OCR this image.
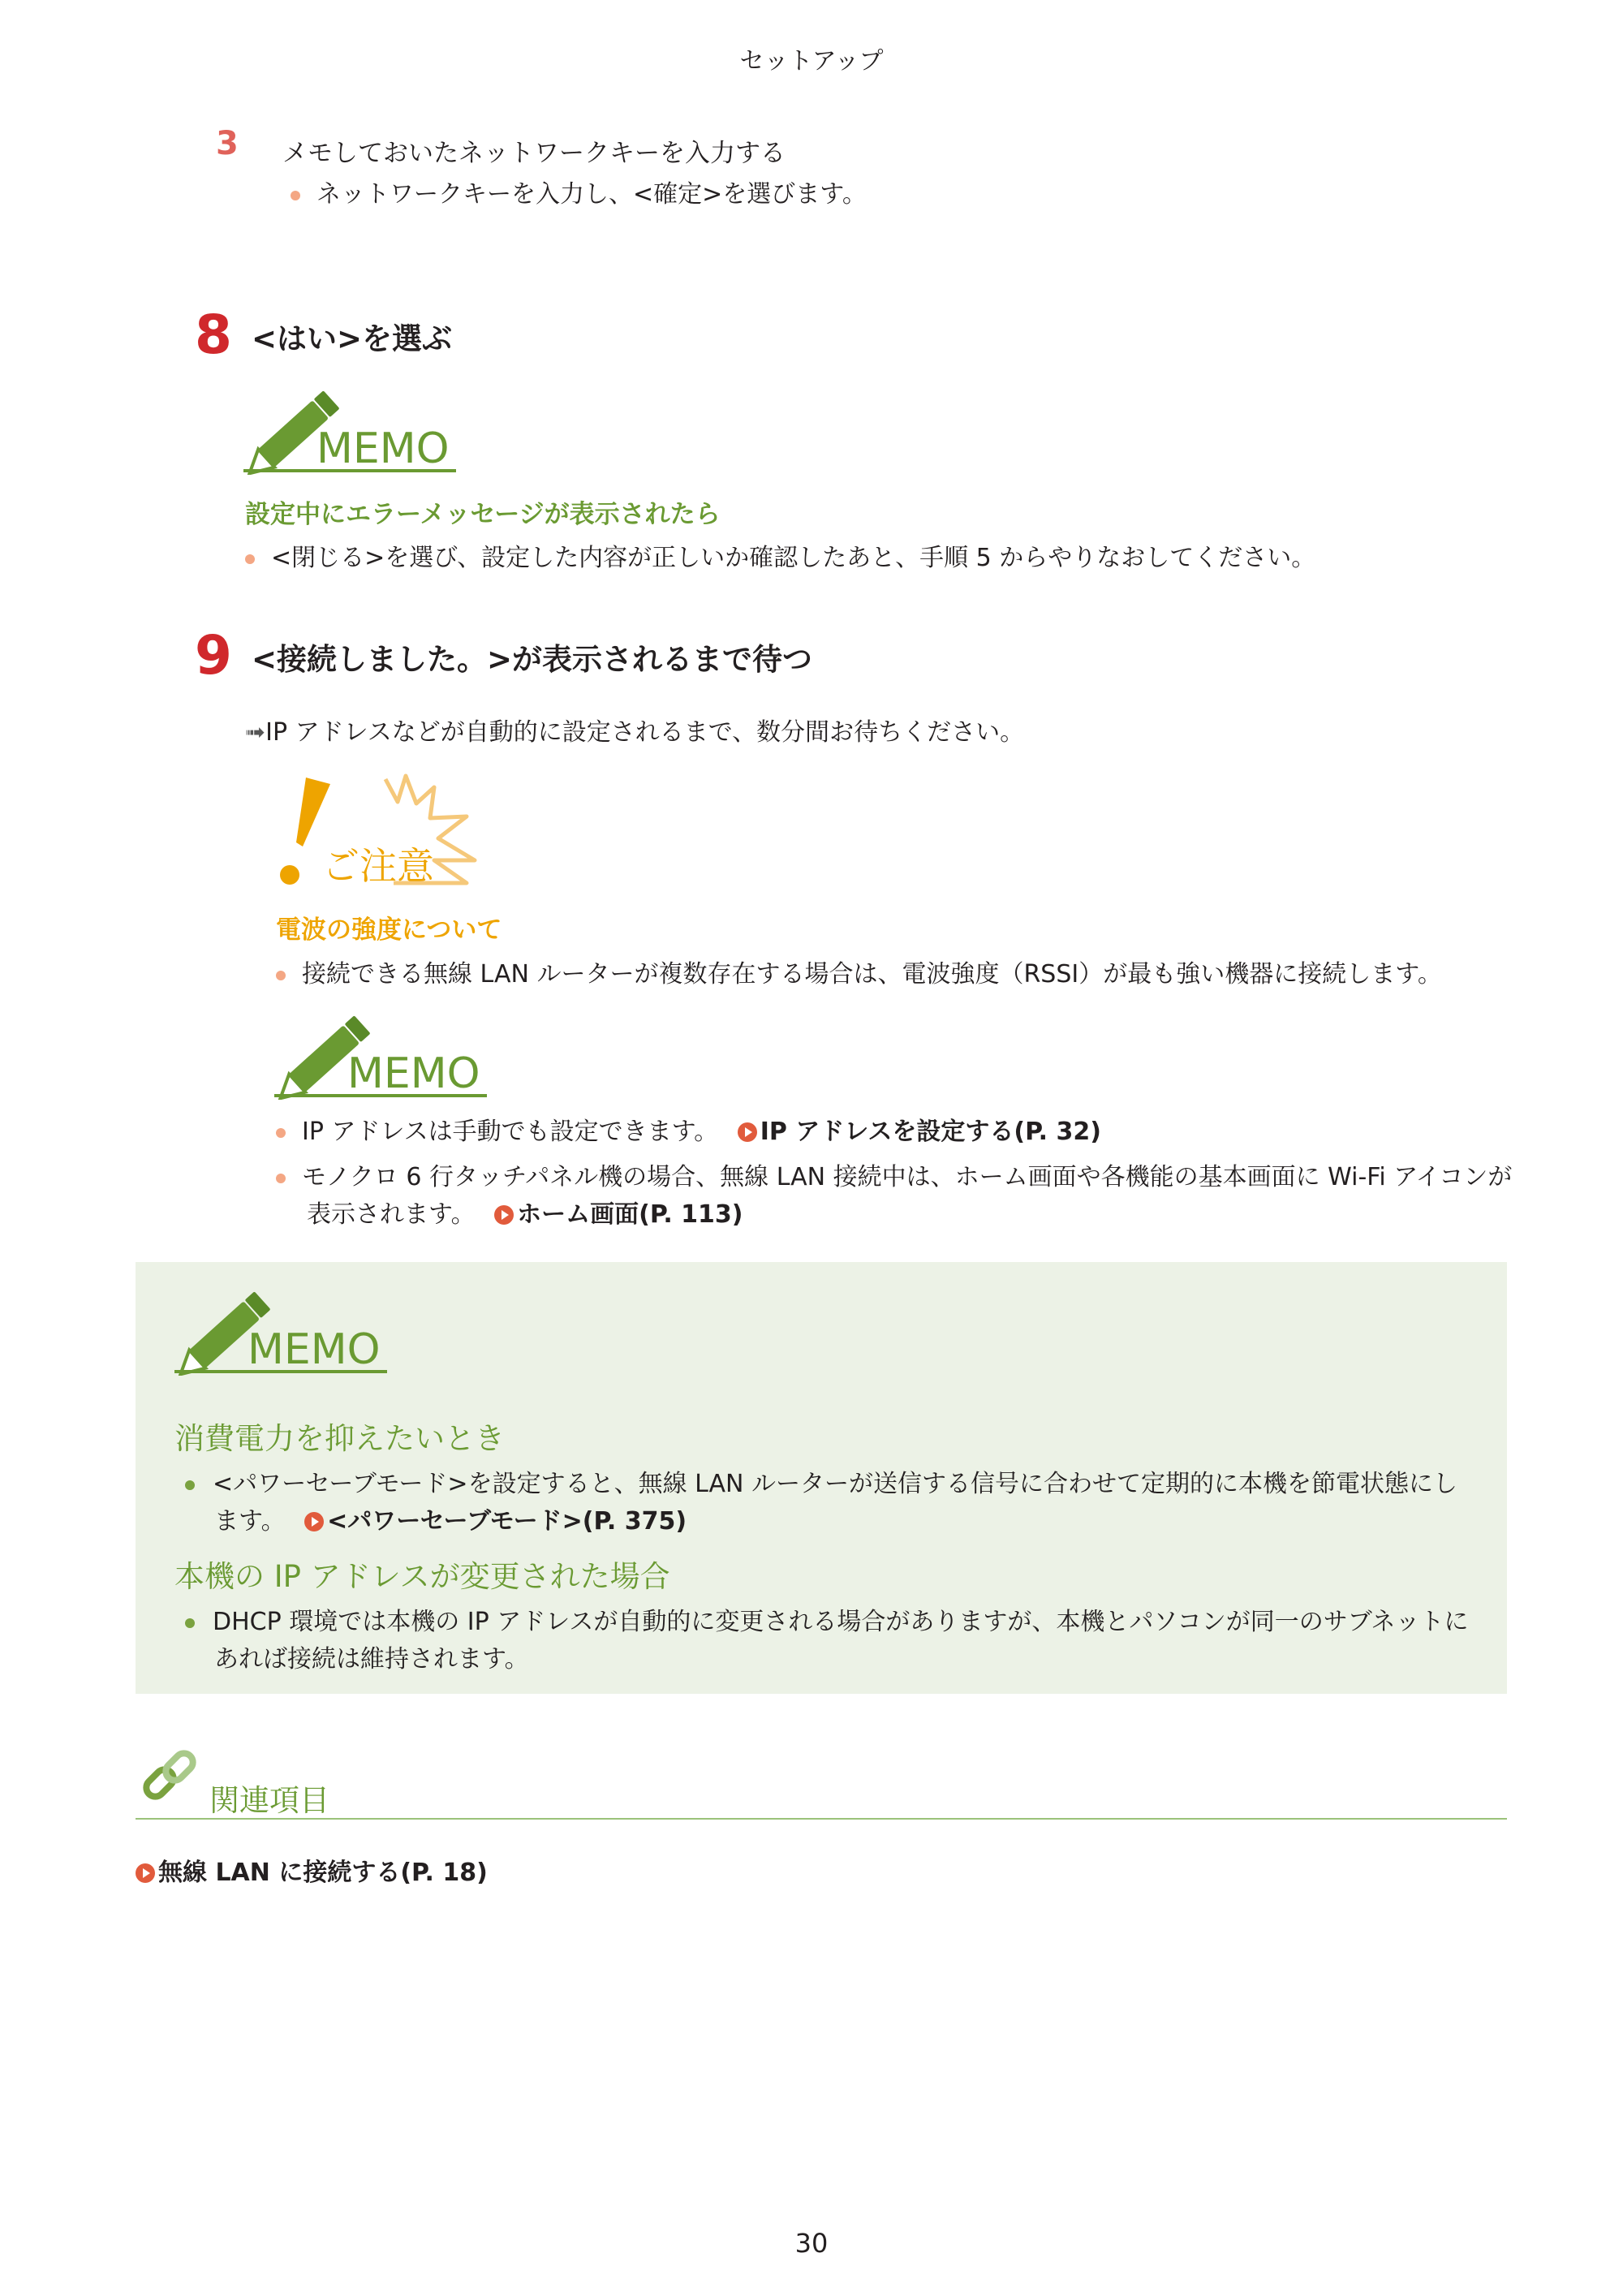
セットアップ
3 メモしておいたネットワークキーを入力する
ネットワークキーを入力し、<確定>を選びます。
8 <はい>を選ぶ
MEMO
設定中にエラーメッセージが表示されたら
<閉じる>を選び、設定した内容が正しいか確認したあと、手順 5 からやりなおしてください。
9 <接続しました。>が表示されるまで待つ
➟IP アドレスなどが自動的に設定されるまで、数分間お待ちください。
ご注意
電波の強度について
接続できる無線 LAN ルーターが複数存在する場合は、電波強度（RSSI）が最も強い機器に接続します。
MEMO
IP アドレスは手動でも設定できます。 IP アドレスを設定する(P. 32)
モノクロ 6 行タッチパネル機の場合、無線 LAN 接続中は、ホーム画面や各機能の基本画面に Wi-Fi アイコンが
表示されます。 ホーム画面(P. 113)
MEMO
消費電力を抑えたいとき
<パワーセーブモード>を設定すると、無線 LAN ルーターが送信する信号に合わせて定期的に本機を節電状態にし
ます。 <パワーセーブモード>(P. 375)
本機の IP アドレスが変更された場合
DHCP 環境では本機の IP アドレスが自動的に変更される場合がありますが、本機とパソコンが同一のサブネットに
あれば接続は維持されます。
関連項目
無線 LAN に接続する(P. 18)
30
